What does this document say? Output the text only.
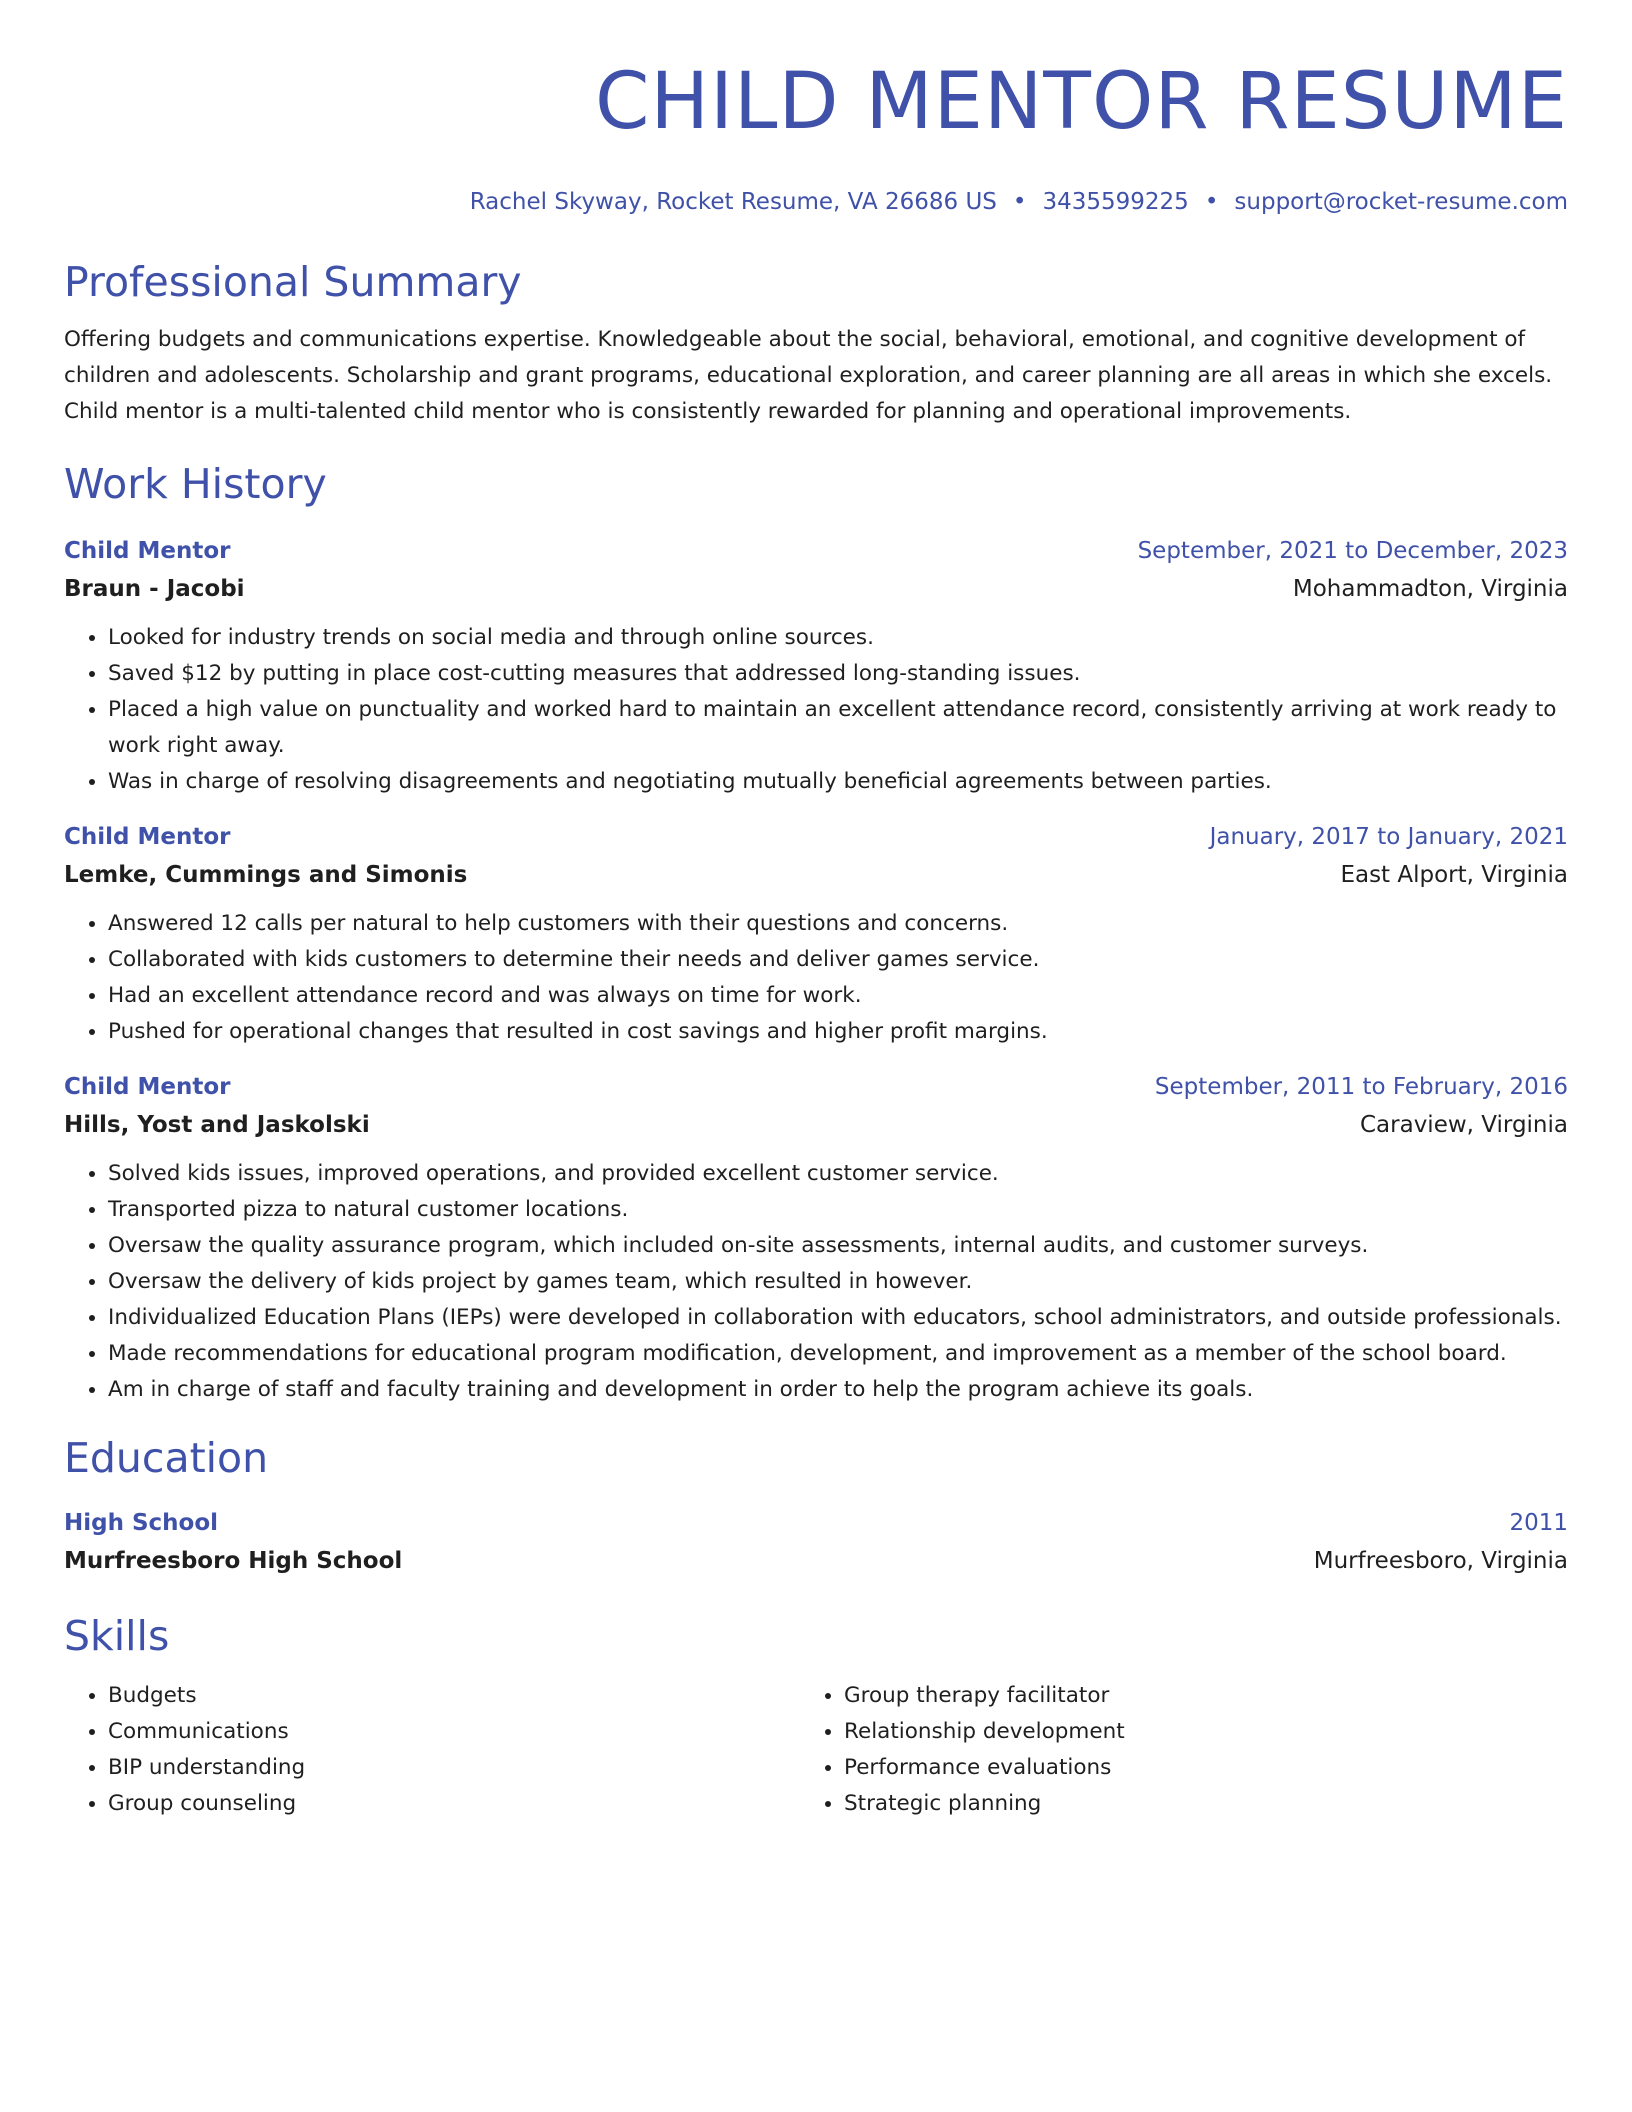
CHILD MENTOR RESUME
Rachel Skyway, Rocket Resume, VA 26686 US • 3435599225 • support@rocket-resume.com
Professional Summary

Offering budgets and communications expertise. Knowledgeable about the social, behavioral, emotional, and cognitive development of children and adolescents. Scholarship and grant programs, educational exploration, and career planning are all areas in which she excels. Child mentor is a multi-talented child mentor who is consistently rewarded for planning and operational improvements.

Work History
Child Mentor	September, 2021 to December, 2023
Braun - Jacobi	Mohammadton, Virginia
• Looked for industry trends on social media and through online sources.
• Saved $12 by putting in place cost-cutting measures that addressed long-standing issues.
• Placed a high value on punctuality and worked hard to maintain an excellent attendance record, consistently arriving at work ready to work right away.
• Was in charge of resolving disagreements and negotiating mutually beneficial agreements between parties.
Child Mentor	January, 2017 to January, 2021
Lemke, Cummings and Simonis	East Alport, Virginia
• Answered 12 calls per natural to help customers with their questions and concerns.
• Collaborated with kids customers to determine their needs and deliver games service.
• Had an excellent attendance record and was always on time for work.
• Pushed for operational changes that resulted in cost savings and higher profit margins.
Child Mentor	September, 2011 to February, 2016
Hills, Yost and Jaskolski	Caraview, Virginia
• Solved kids issues, improved operations, and provided excellent customer service.
• Transported pizza to natural customer locations.
• Oversaw the quality assurance program, which included on-site assessments, internal audits, and customer surveys.
• Oversaw the delivery of kids project by games team, which resulted in however.
• Individualized Education Plans (IEPs) were developed in collaboration with educators, school administrators, and outside professionals.
• Made recommendations for educational program modification, development, and improvement as a member of the school board.
• Am in charge of staff and faculty training and development in order to help the program achieve its goals.
Education
High School	2011
Murfreesboro High School	Murfreesboro, Virginia
Skills
• Budgets
• Communications
• BIP understanding
• Group counseling
• Group therapy facilitator
• Relationship development
• Performance evaluations
• Strategic planning
